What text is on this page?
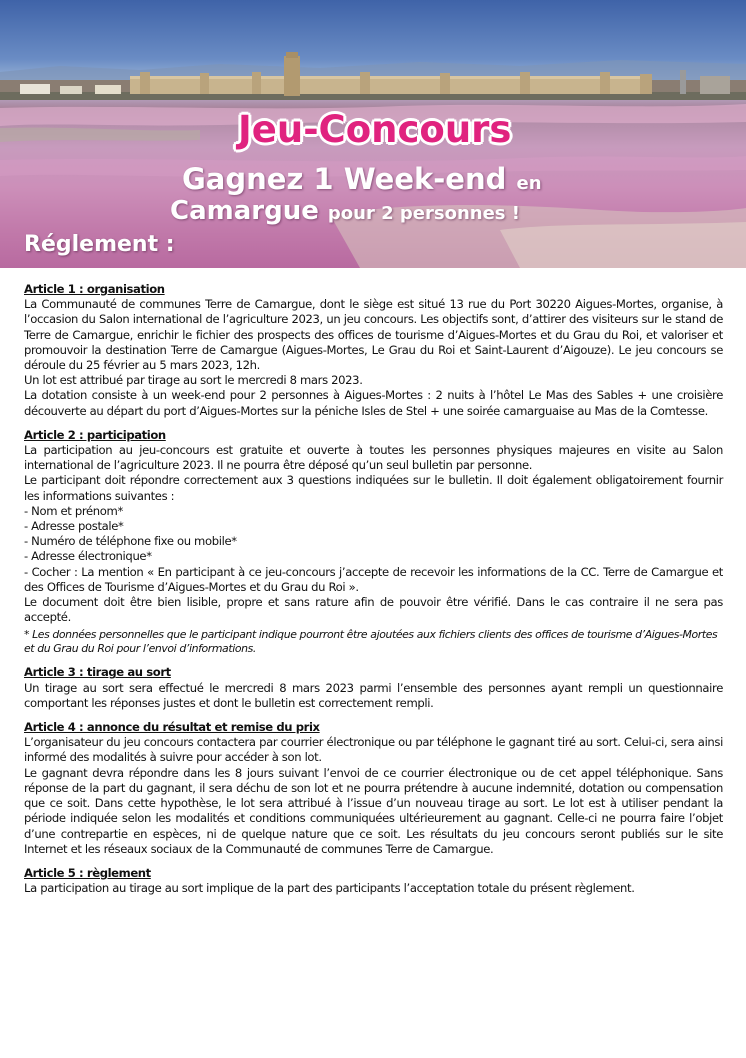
Jeu-Concours
Gagnez 1 Week-end en
Camargue pour 2 personnes !
Réglement :
Article 1 : organisation
La Communauté de communes Terre de Camargue, dont le siège est situé 13 rue du Port 30220 Aigues-Mortes, organise, à l’occasion du Salon international de l’agriculture 2023, un jeu concours. Les objectifs sont, d’attirer des visiteurs sur le stand de Terre de Camargue, enrichir le fichier des prospects des offices de tourisme d’Aigues-Mortes et du Grau du Roi, et valoriser et promouvoir la destination Terre de Camargue (Aigues-Mortes, Le Grau du Roi et Saint-Laurent d’Aigouze). Le jeu concours se déroule du 25 février au 5 mars 2023, 12h.
Un lot est attribué par tirage au sort le mercredi 8 mars 2023.
La dotation consiste à un week-end pour 2 personnes à Aigues-Mortes : 2 nuits à l’hôtel Le Mas des Sables + une croisière découverte au départ du port d’Aigues-Mortes sur la péniche Isles de Stel + une soirée camarguaise au Mas de la Comtesse.
Article 2 : participation
La participation au jeu-concours est gratuite et ouverte à toutes les personnes physiques majeures en visite au Salon international de l’agriculture 2023. Il ne pourra être déposé qu’un seul bulletin par personne.
Le participant doit répondre correctement aux 3 questions indiquées sur le bulletin. Il doit également obligatoirement fournir les informations suivantes :
- Nom et prénom*
- Adresse postale*
- Numéro de téléphone fixe ou mobile*
- Adresse électronique*
- Cocher : La mention « En participant à ce jeu-concours j’accepte de recevoir les informations de la CC. Terre de Camargue et des Offices de Tourisme d’Aigues-Mortes et du Grau du Roi ».
Le document doit être bien lisible, propre et sans rature afin de pouvoir être vérifié. Dans le cas contraire il ne sera pas accepté.
* Les données personnelles que le participant indique pourront être ajoutées aux fichiers clients des offices de tourisme d’Aigues-Mortes et du Grau du Roi pour l’envoi d’informations.
Article 3 : tirage au sort
Un tirage au sort sera effectué le mercredi 8 mars 2023 parmi l’ensemble des personnes ayant rempli un questionnaire comportant les réponses justes et dont le bulletin est correctement rempli.
Article 4 : annonce du résultat et remise du prix
L’organisateur du jeu concours contactera par courrier électronique ou par téléphone le gagnant tiré au sort. Celui-ci, sera ainsi informé des modalités à suivre pour accéder à son lot.
Le gagnant devra répondre dans les 8 jours suivant l’envoi de ce courrier électronique ou de cet appel téléphonique. Sans réponse de la part du gagnant, il sera déchu de son lot et ne pourra prétendre à aucune indemnité, dotation ou compensation que ce soit. Dans cette hypothèse, le lot sera attribué à l’issue d’un nouveau tirage au sort. Le lot est à utiliser pendant la période indiquée selon les modalités et conditions communiquées ultérieurement au gagnant. Celle-ci ne pourra faire l’objet d’une contrepartie en espèces, ni de quelque nature que ce soit. Les résultats du jeu concours seront publiés sur le site Internet et les réseaux sociaux de la Communauté de communes Terre de Camargue.
Article 5 : règlement
La participation au tirage au sort implique de la part des participants l’acceptation totale du présent règlement.
